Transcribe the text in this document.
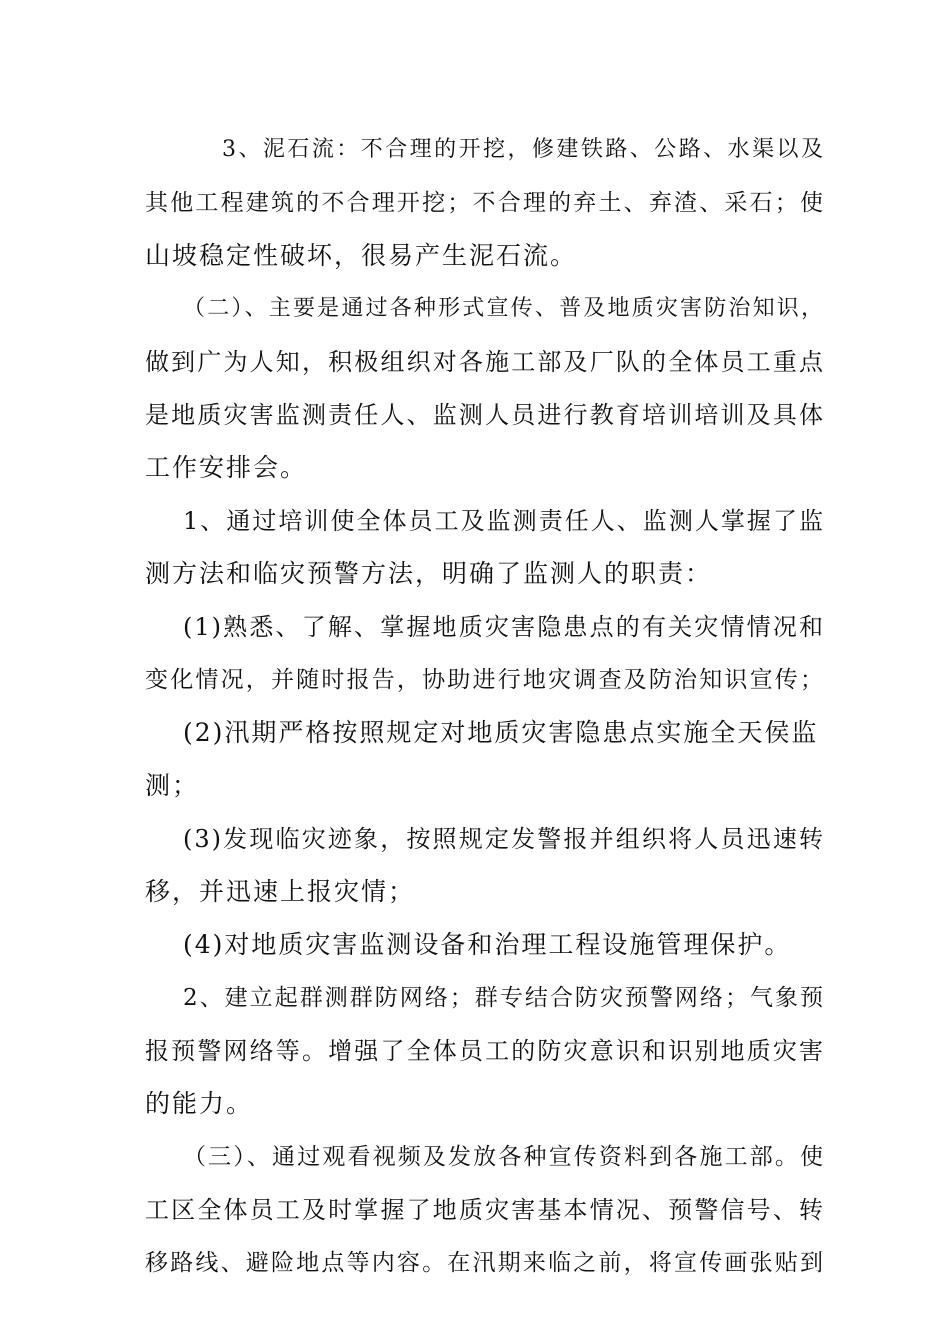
3、泥石流：不合理的开挖，修建铁路、公路、水渠以及
其他工程建筑的不合理开挖；不合理的弃土、弃渣、采石；使
山坡稳定性破坏，很易产生泥石流。
（二）、主要是通过各种形式宣传、普及地质灾害防治知识，
做到广为人知，积极组织对各施工部及厂队的全体员工重点
是地质灾害监测责任人、监测人员进行教育培训培训及具体
工作安排会。
1、通过培训使全体员工及监测责任人、监测人掌握了监
测方法和临灾预警方法，明确了监测人的职责：
(1)熟悉、了解、掌握地质灾害隐患点的有关灾情情况和
变化情况，并随时报告，协助进行地灾调查及防治知识宣传；
(2)汛期严格按照规定对地质灾害隐患点实施全天侯监
测；
(3)发现临灾迹象，按照规定发警报并组织将人员迅速转
移，并迅速上报灾情；
(4)对地质灾害监测设备和治理工程设施管理保护。
2、建立起群测群防网络；群专结合防灾预警网络；气象预
报预警网络等。增强了全体员工的防灾意识和识别地质灾害
的能力。
（三）、通过观看视频及发放各种宣传资料到各施工部。使
工区全体员工及时掌握了地质灾害基本情况、预警信号、转
移路线、避险地点等内容。在汛期来临之前，将宣传画张贴到
